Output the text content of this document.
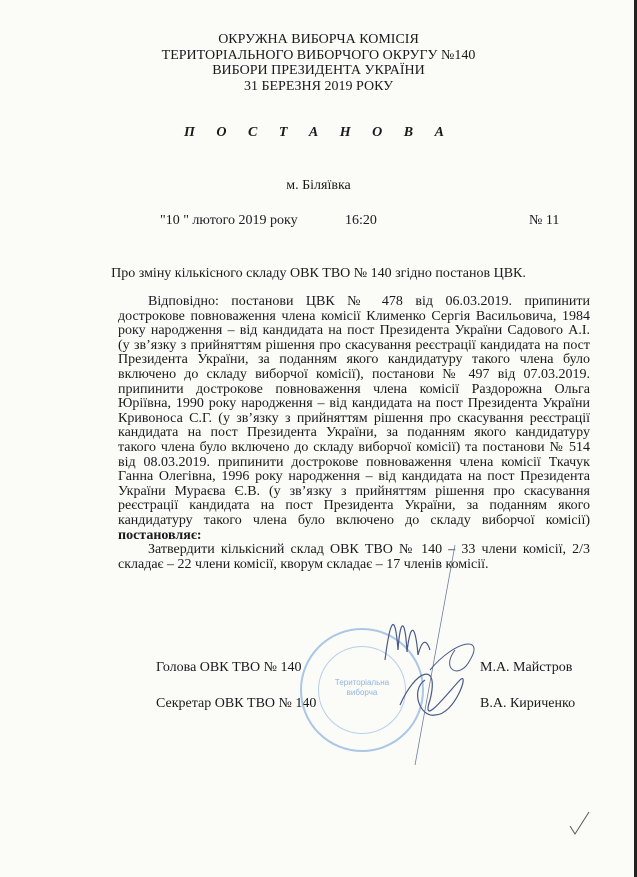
ОКРУЖНА ВИБОРЧА КОМІСІЯ
ТЕРИТОРІАЛЬНОГО ВИБОРЧОГО ОКРУГУ №140
ВИБОРИ ПРЕЗИДЕНТА УКРАЇНИ
31 БЕРЕЗНЯ 2019 РОКУ
П О С Т А Н О В А
м. Біляївка
"10 " лютого 2019 року	16:20	№ 11
Про зміну кількісного складу ОВК ТВО № 140 згідно постанов ЦВК.
Відповідно: постанови ЦВК № 478 від 06.03.2019. припинити
дострокове повноваження члена комісії Клименко Сергія Васильовича, 1984
року народження – від кандидата на пост Президента України Садового А.І.
(у зв’язку з прийняттям рішення про скасування реєстрації кандидата на пост
Президента України, за поданням якого кандидатуру такого члена було
включено до складу виборчої комісії), постанови № 497 від 07.03.2019.
припинити дострокове повноваження члена комісії Раздорожна Ольга
Юріївна, 1990 року народження – від кандидата на пост Президента України
Кривоноса С.Г. (у зв’язку з прийняттям рішення про скасування реєстрації
кандидата на пост Президента України, за поданням якого кандидатуру
такого члена було включено до складу виборчої комісії) та постанови № 514
від 08.03.2019. припинити дострокове повноваження члена комісії Ткачук
Ганна Олегівна, 1996 року народження – від кандидата на пост Президента
України Мураєва Є.В. (у зв’язку з прийняттям рішення про скасування
реєстрації кандидата на пост Президента України, за поданням якого
кандидатуру такого члена було включено до складу виборчої комісії)
постановляє:
Затвердити кількісний склад ОВК ТВО № 140 – 33 члени комісії, 2/3
складає – 22 члени комісії, кворум складає – 17 членів комісії.
Голова ОВК ТВО № 140	М.А. Майстров
Секретар ОВК ТВО № 140	В.А. Кириченко
Територіальна
виборча
